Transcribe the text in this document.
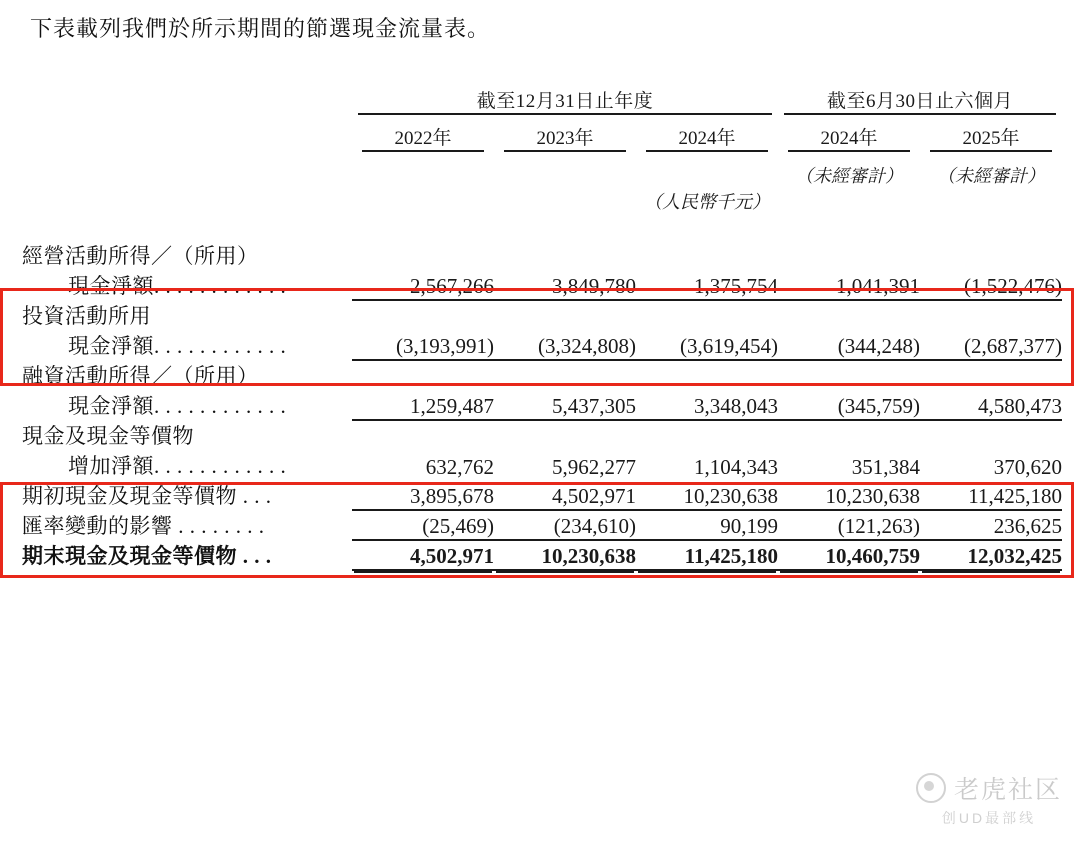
下表載列我們於所示期間的節選現金流量表。
	截至12月31日止年度			截至6月30日止六個月	

	2022年	2023年	2024年	2024年	2025年

				（未經審計）	（未經審計）
			（人民幣千元）		

經營活動所得／（所用）					
現金淨額. . . . . . . . . . . .	2,567,266	3,849,780	1,375,754	1,041,391	(1,522,476)
投資活動所用					
現金淨額. . . . . . . . . . . .	(3,193,991)	(3,324,808)	(3,619,454)	(344,248)	(2,687,377)
融資活動所得／（所用）					
現金淨額. . . . . . . . . . . .	1,259,487	5,437,305	3,348,043	(345,759)	4,580,473
現金及現金等價物					
增加淨額. . . . . . . . . . . .	632,762	5,962,277	1,104,343	351,384	370,620
期初現金及現金等價物 . . .	3,895,678	4,502,971	10,230,638	10,230,638	11,425,180
匯率變動的影響 . . . . . . . .	(25,469)	(234,610)	90,199	(121,263)	236,625
期末現金及現金等價物 . . .	4,502,971	10,230,638	11,425,180	10,460,759	12,032,425
老虎社区
创UD最部线
